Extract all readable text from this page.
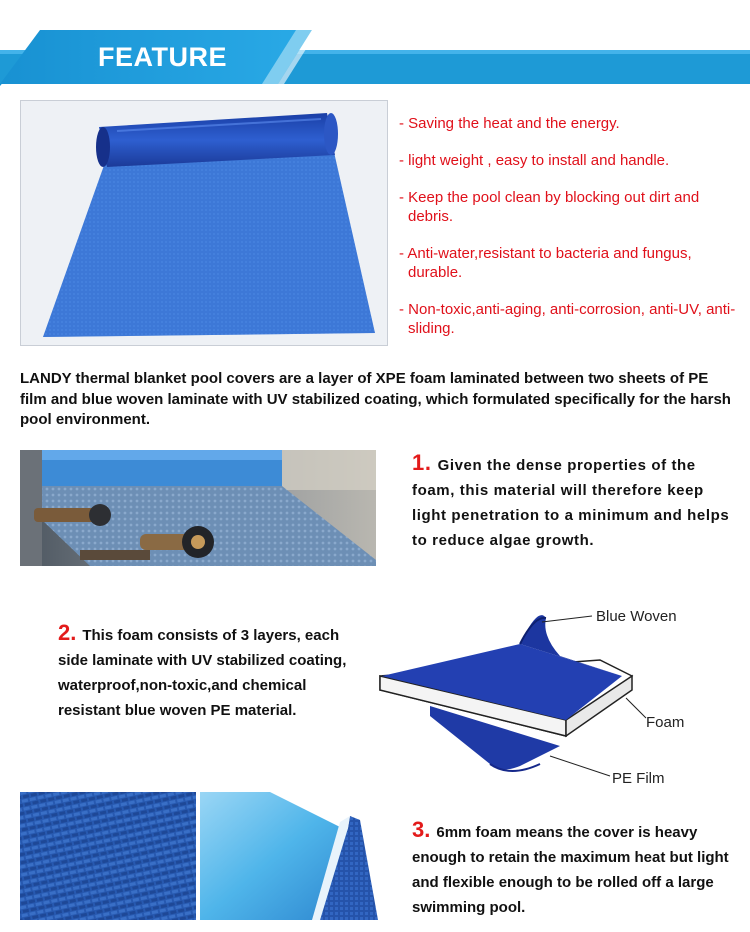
FEATURE
- Saving the heat and the energy.
- light weight , easy to install and handle.
- Keep the pool clean by blocking out dirt and debris.
- Anti-water,resistant to bacteria and fungus, durable.
- Non-toxic,anti-aging, anti-corrosion, anti-UV, anti-sliding.

LANDY thermal blanket pool covers are a layer of XPE foam laminated between two sheets of PE film and blue woven laminate with UV stabilized coating, which formulated specifically for the harsh pool environment.

1. Given the dense properties of the foam, this material will therefore keep light penetration to a minimum and helps to reduce algae growth.
2. This foam consists of 3 layers, each side laminate with UV stabilized coating, waterproof,non-toxic,and chemical resistant blue woven PE material.
Blue Woven
Foam
PE Film
3. 6mm foam means the cover is heavy enough to retain the maximum heat but light and flexible enough to be rolled off a large swimming pool.
